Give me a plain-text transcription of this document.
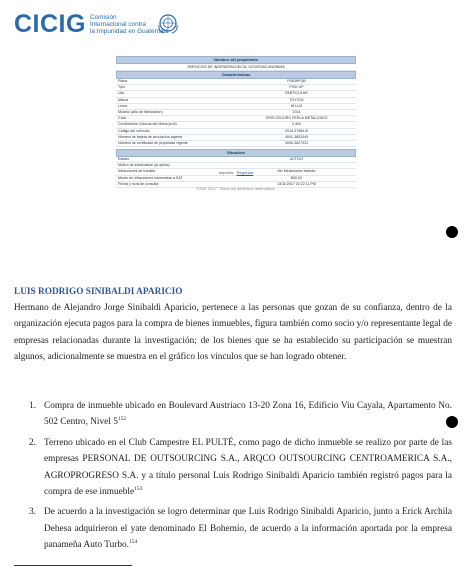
CICIG Comisión
Internacional contra
la Impunidad en Guatemala
Nombre del propietario
SERVICIOS DE INGENIERIA DELTA, SOCIEDAD ANONIMA
Características
Placa	P083HPQB
Tipo	PICK UP
Uso	PARTICULAR
Marca	TOYOTA
Línea	HI LUX
Modelo (año de fabricación)	2014
Color	GRIS OSCURO PERLA METALIZADO
Centímetros Cúbicos del Motor(cm3)	2,494
Código del vehículo	2014-37884-B
Número de tarjeta de circulación vigente	4001-3852049
Número de certificado de propiedad vigente	4055-3827422
Situación
Estado	ACTIVO
Motivo de inactivación (si aplica)
Infracciones de tránsito	Ver infracciones tránsito
Monto de infracciones informadas a SAT	$00.00
Fecha y hora de consulta	13/11/2017 02:22:11 PM
Imprimir Regresar
©SAT 2017. Todos los derechos reservados.
LUIS RODRIGO SINIBALDI APARICIO
Hermano de Alejandro Jorge Sinibaldi Aparicio, pertenece a las personas que gozan de su confianza, dentro de la organización ejecuta pagos para la compra de bienes inmuebles, figura también como socio y/o representante legal de empresas relacionadas durante la investigación; de los bienes que se ha establecido su participación se muestran algunos, adicionalmente se muestra en el gráfico los vínculos que se han logrado obtener.
1. Compra de inmueble ubicado en Boulevard Austriaco 13-20 Zona 16, Edificio Viu Cayala, Apartamento No. 502 Centro, Nivel $5^{152}$
2. Terreno ubicado en el Club Campestre EL PULTÉ, como pago de dicho inmueble se realizo por parte de las empresas PERSONAL DE OUTSOURCING S.A., ARQCO OUTSOURCING CENTROAMERICA S.A., AGROPROGRESO S.A. y a título personal Luis Rodrigo Sinibaldi Aparicio también registró pagos para la compra de ese inmueble$^{153}$
3. De acuerdo a la investigación se logro determinar que Luis Rodrigo Sinibaldi Aparicio, junto a Erick Archila Dehesa adquirieron el yate denominado El Bohemio, de acuerdo a la información aportada por la empresa panameña Auto Turbo.$^{154}$
